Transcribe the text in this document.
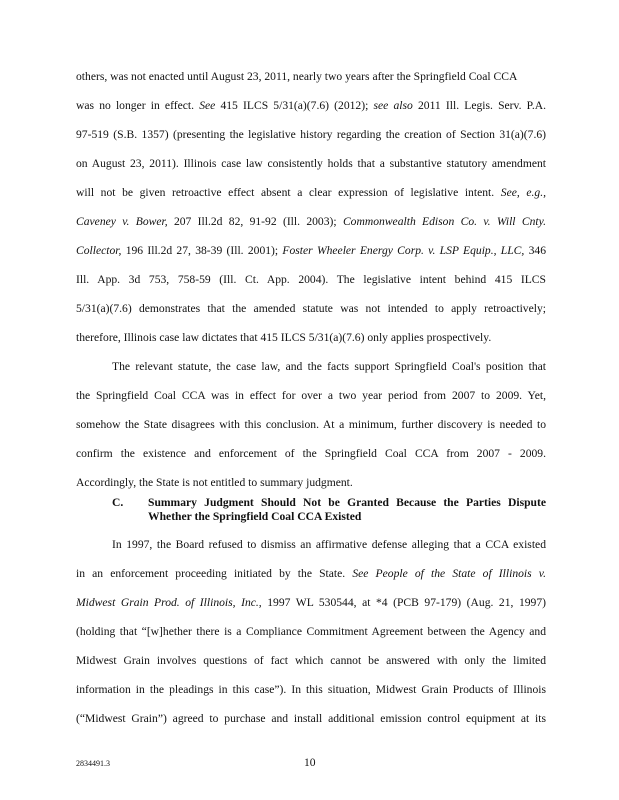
others, was not enacted until August 23, 2011, nearly two years after the Springfield Coal CCA
was no longer in effect. See 415 ILCS 5/31(a)(7.6) (2012); see also 2011 Ill. Legis. Serv. P.A.
97-519 (S.B. 1357) (presenting the legislative history regarding the creation of Section 31(a)(7.6)
on August 23, 2011). Illinois case law consistently holds that a substantive statutory amendment
will not be given retroactive effect absent a clear expression of legislative intent. See, e.g.,
Caveney v. Bower, 207 Ill.2d 82, 91-92 (Ill. 2003); Commonwealth Edison Co. v. Will Cnty.
Collector, 196 Ill.2d 27, 38-39 (Ill. 2001); Foster Wheeler Energy Corp. v. LSP Equip., LLC, 346
Ill. App. 3d 753, 758-59 (Ill. Ct. App. 2004). The legislative intent behind 415 ILCS
5/31(a)(7.6) demonstrates that the amended statute was not intended to apply retroactively;
therefore, Illinois case law dictates that 415 ILCS 5/31(a)(7.6) only applies prospectively.
The relevant statute, the case law, and the facts support Springfield Coal's position that
the Springfield Coal CCA was in effect for over a two year period from 2007 to 2009. Yet,
somehow the State disagrees with this conclusion. At a minimum, further discovery is needed to
confirm the existence and enforcement of the Springfield Coal CCA from 2007 - 2009.
Accordingly, the State is not entitled to summary judgment.
C. Summary Judgment Should Not be Granted Because the Parties Dispute
Whether the Springfield Coal CCA Existed
In 1997, the Board refused to dismiss an affirmative defense alleging that a CCA existed
in an enforcement proceeding initiated by the State. See People of the State of Illinois v.
Midwest Grain Prod. of Illinois, Inc., 1997 WL 530544, at *4 (PCB 97-179) (Aug. 21, 1997)
(holding that “[w]hether there is a Compliance Commitment Agreement between the Agency and
Midwest Grain involves questions of fact which cannot be answered with only the limited
information in the pleadings in this case”). In this situation, Midwest Grain Products of Illinois
(“Midwest Grain”) agreed to purchase and install additional emission control equipment at its
2834491.3	10
